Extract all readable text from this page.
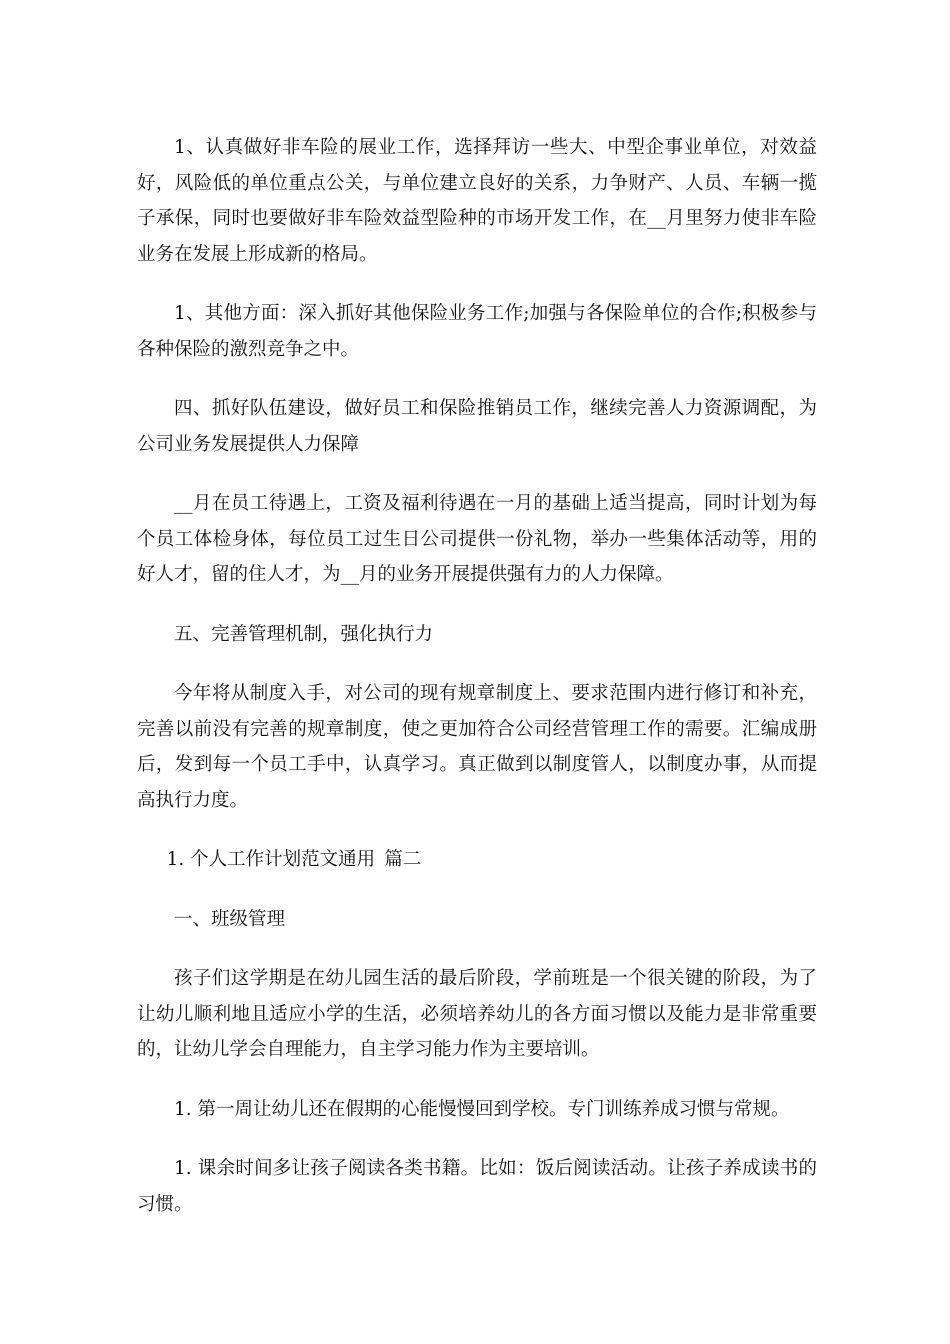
1、认真做好非车险的展业工作，选择拜访一些大、中型企事业单位，对效益好，风险低的单位重点公关，与单位建立良好的关系，力争财产、人员、车辆一揽子承保，同时也要做好非车险效益型险种的市场开发工作，在__月里努力使非车险业务在发展上形成新的格局。

1、其他方面：深入抓好其他保险业务工作;加强与各保险单位的合作;积极参与各种保险的激烈竞争之中。

四、抓好队伍建设，做好员工和保险推销员工作，继续完善人力资源调配，为公司业务发展提供人力保障

__月在员工待遇上，工资及福利待遇在一月的基础上适当提高，同时计划为每个员工体检身体，每位员工过生日公司提供一份礼物，举办一些集体活动等，用的好人才，留的住人才，为__月的业务开展提供强有力的人力保障。

五、完善管理机制，强化执行力

今年将从制度入手，对公司的现有规章制度上、要求范围内进行修订和补充，完善以前没有完善的规章制度，使之更加符合公司经营管理工作的需要。汇编成册后，发到每一个员工手中，认真学习。真正做到以制度管人，以制度办事，从而提高执行力度。

1. 个人工作计划范文通用 篇二

一、班级管理

孩子们这学期是在幼儿园生活的最后阶段，学前班是一个很关键的阶段，为了让幼儿顺利地且适应小学的生活，必须培养幼儿的各方面习惯以及能力是非常重要的，让幼儿学会自理能力，自主学习能力作为主要培训。

1. 第一周让幼儿还在假期的心能慢慢回到学校。专门训练养成习惯与常规。

1. 课余时间多让孩子阅读各类书籍。比如：饭后阅读活动。让孩子养成读书的习惯。
